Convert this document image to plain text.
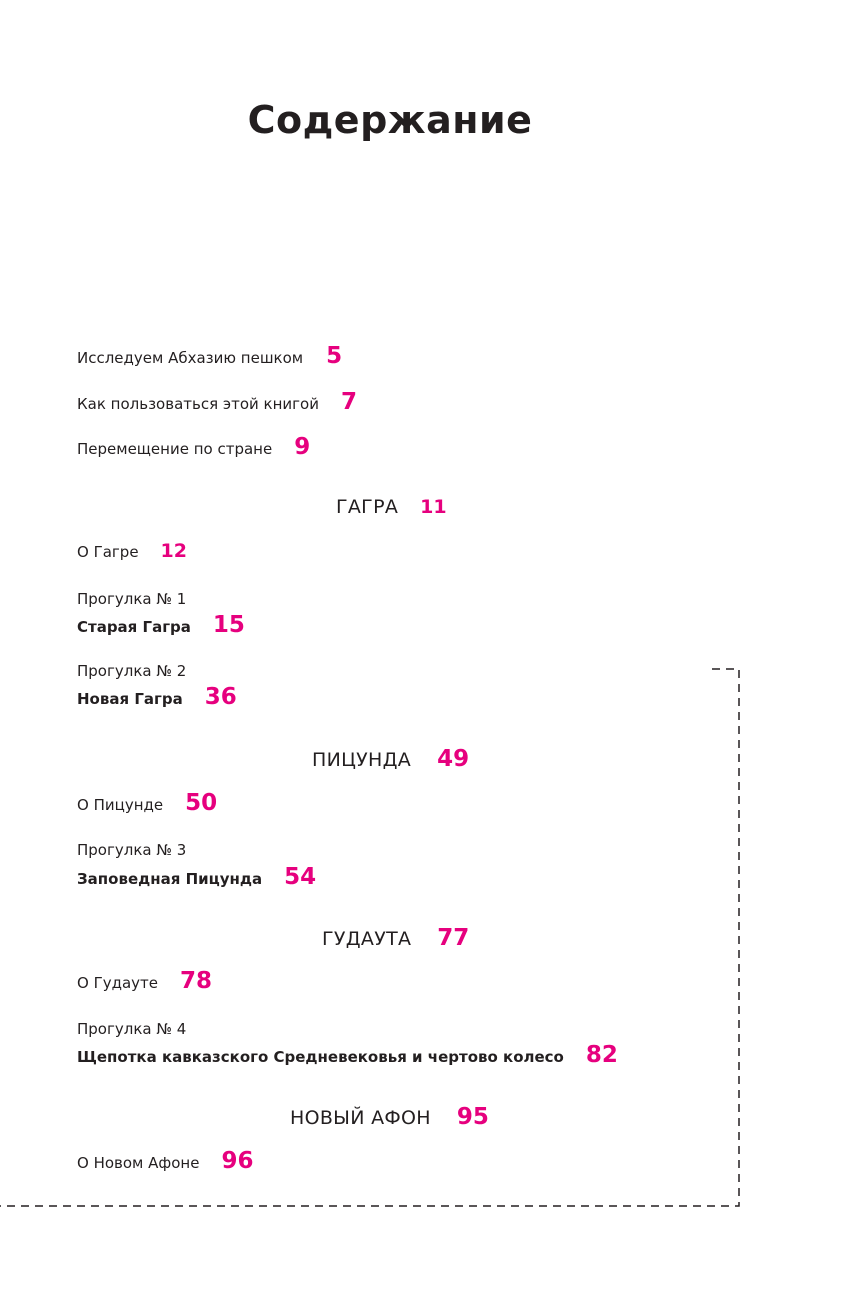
Содержание
Исследуем Абхазию пешком 5
Как пользоваться этой книгой 7
Перемещение по стране 9
ГАГРА 11
О Гагре 12
Прогулка № 1
Старая Гагра 15
Прогулка № 2
Новая Гагра 36
ПИЦУНДА 49
О Пицунде 50
Прогулка № 3
Заповедная Пицунда 54
ГУДАУТА 77
О Гудауте 78
Прогулка № 4
Щепотка кавказского Средневековья и чертово колесо 82
НОВЫЙ АФОН 95
О Новом Афоне 96
